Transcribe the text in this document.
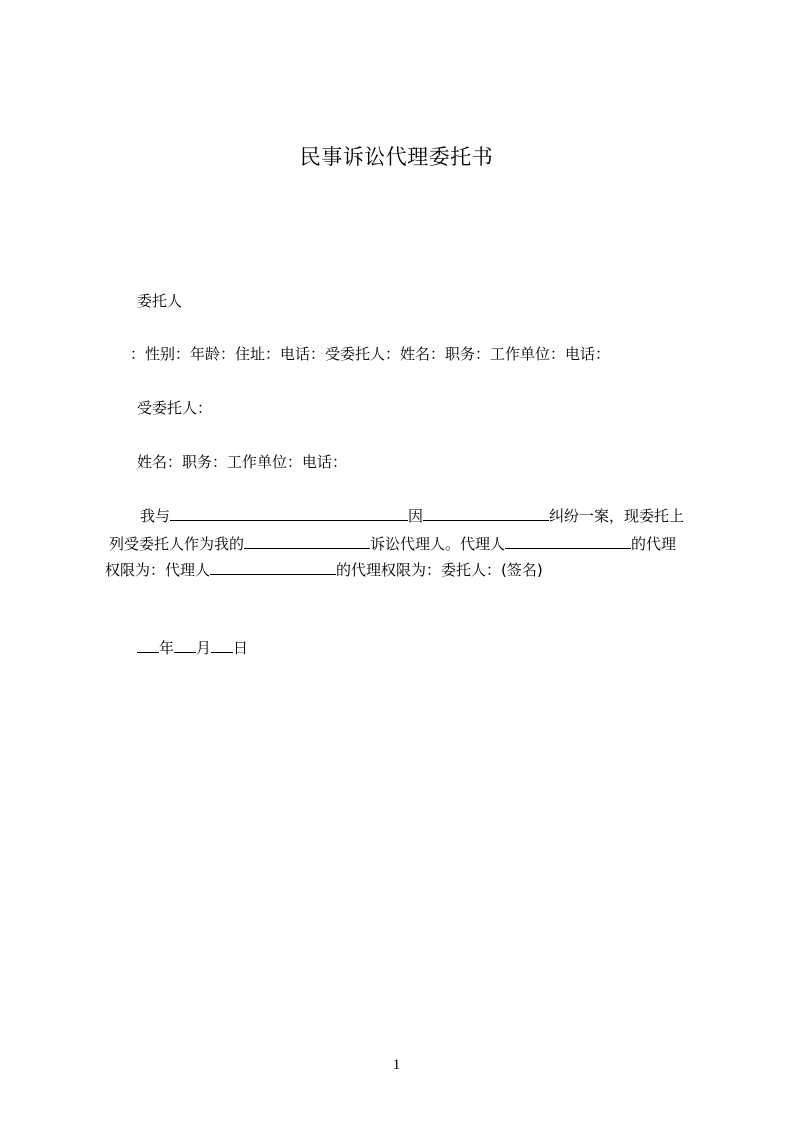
民事诉讼代理委托书
委托人
：性别：年龄：住址：电话：受委托人：姓名：职务：工作单位：电话：
受委托人：
姓名：职务：工作单位：电话：
我与	因	纠纷一案，现委托上
列受委托人作为我的	诉讼代理人。代理人	的代理
权限为：代理人	的代理权限为：委托人：(签名)
年 月 日
1
